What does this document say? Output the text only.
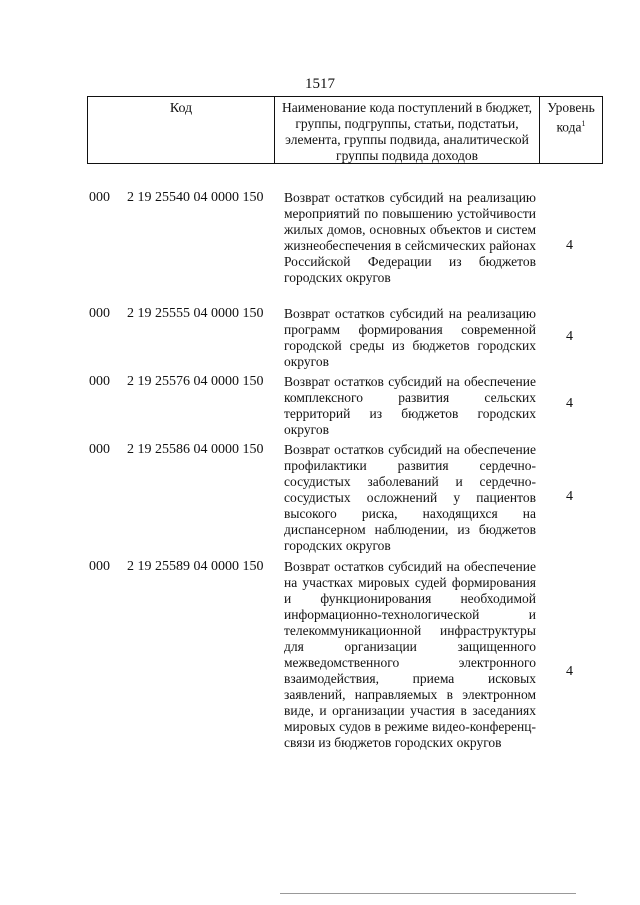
1517
Код	Наименование кода поступлений в бюджет, группы, подгруппы, статьи, подстатьи, элемента, группы подвида, аналитической группы подвида доходов
Уровень кода$^1$
000 2 19 25540 04 0000 150 Возврат остатков субсидий на реализацию мероприятий по повышению устойчивости жилых домов, основных объектов и систем жизнеобеспечения в сейсмических районах Российской Федерации из бюджетов городских округов
4
000 2 19 25555 04 0000 150 Возврат остатков субсидий на реализацию программ формирования современной городской среды из бюджетов городских округов
4
000 2 19 25576 04 0000 150 Возврат остатков субсидий на обеспечение комплексного развития сельских территорий из бюджетов городских округов
4
000 2 19 25586 04 0000 150 Возврат остатков субсидий на обеспечение профилактики развития сердечно-сосудистых заболеваний и сердечно-сосудистых осложнений у пациентов высокого риска, находящихся на диспансерном наблюдении, из бюджетов городских округов
4
000 2 19 25589 04 0000 150 Возврат остатков субсидий на обеспечение на участках мировых судей формирования и функционирования необходимой информационно-технологической и телекоммуникационной инфраструктуры для организации защищенного межведомственного электронного взаимодействия, приема исковых заявлений, направляемых в электронном виде, и организации участия в заседаниях мировых судов в режиме видео-конференц-связи из бюджетов городских округов
4
